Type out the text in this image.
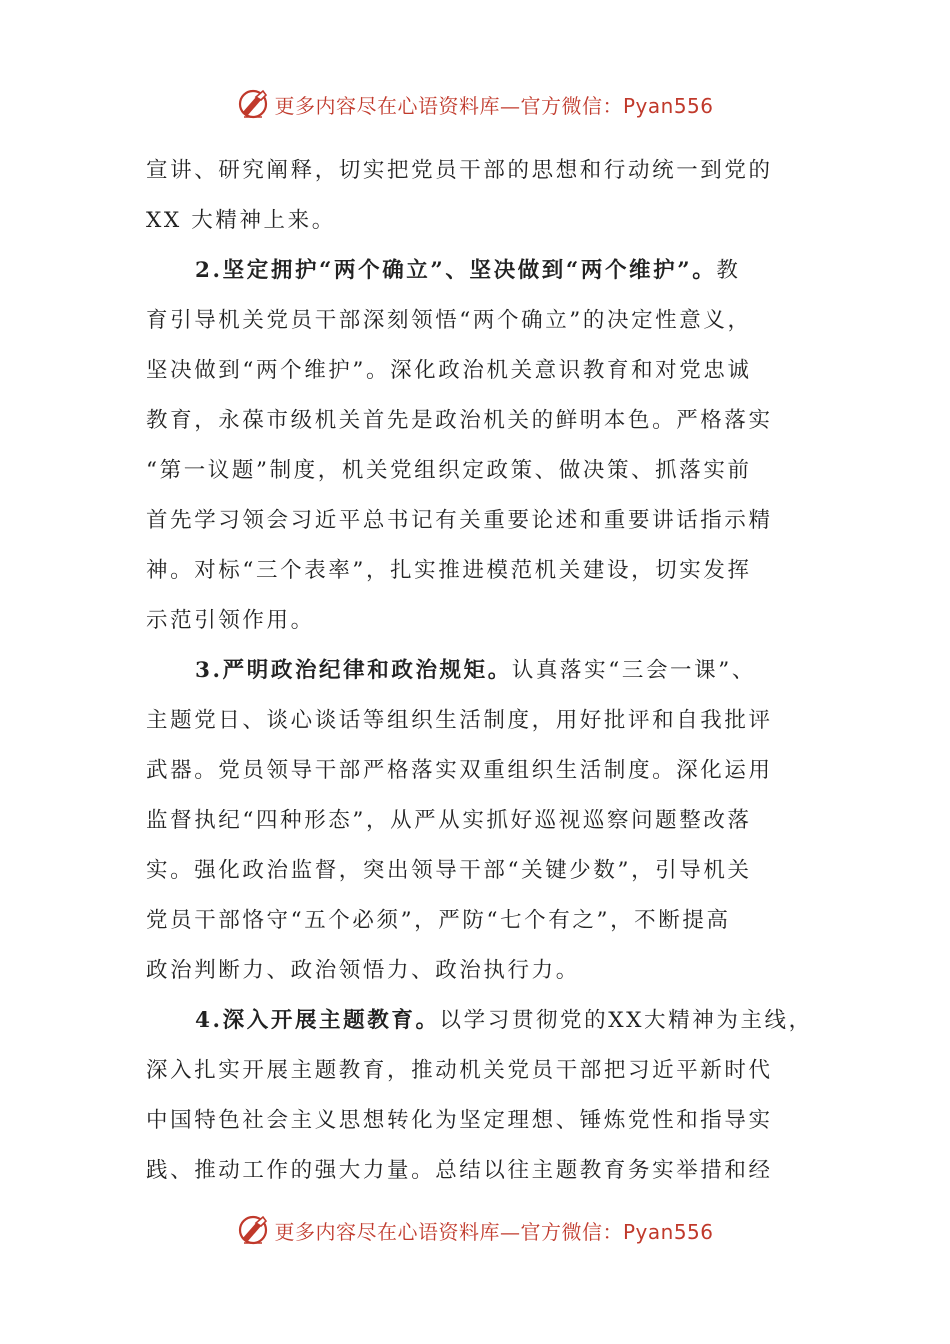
更多内容尽在心语资料库—官方微信：Pyan556
宣讲、研究阐释，切实把党员干部的思想和行动统一到党的
XX 大精神上来。
2.坚定拥护“两个确立”、坚决做到“两个维护”。教
育引导机关党员干部深刻领悟“两个确立”的决定性意义，
坚决做到“两个维护”。深化政治机关意识教育和对党忠诚
教育，永葆市级机关首先是政治机关的鲜明本色。严格落实
“第一议题”制度，机关党组织定政策、做决策、抓落实前
首先学习领会习近平总书记有关重要论述和重要讲话指示精
神。对标“三个表率”，扎实推进模范机关建设，切实发挥
示范引领作用。
3.严明政治纪律和政治规矩。认真落实“三会一课”、
主题党日、谈心谈话等组织生活制度，用好批评和自我批评
武器。党员领导干部严格落实双重组织生活制度。深化运用
监督执纪“四种形态”，从严从实抓好巡视巡察问题整改落
实。强化政治监督，突出领导干部“关键少数”，引导机关
党员干部恪守“五个必须”，严防“七个有之”，不断提高
政治判断力、政治领悟力、政治执行力。
4.深入开展主题教育。以学习贯彻党的XX大精神为主线，
深入扎实开展主题教育，推动机关党员干部把习近平新时代
中国特色社会主义思想转化为坚定理想、锤炼党性和指导实
践、推动工作的强大力量。总结以往主题教育务实举措和经
更多内容尽在心语资料库—官方微信：Pyan556
